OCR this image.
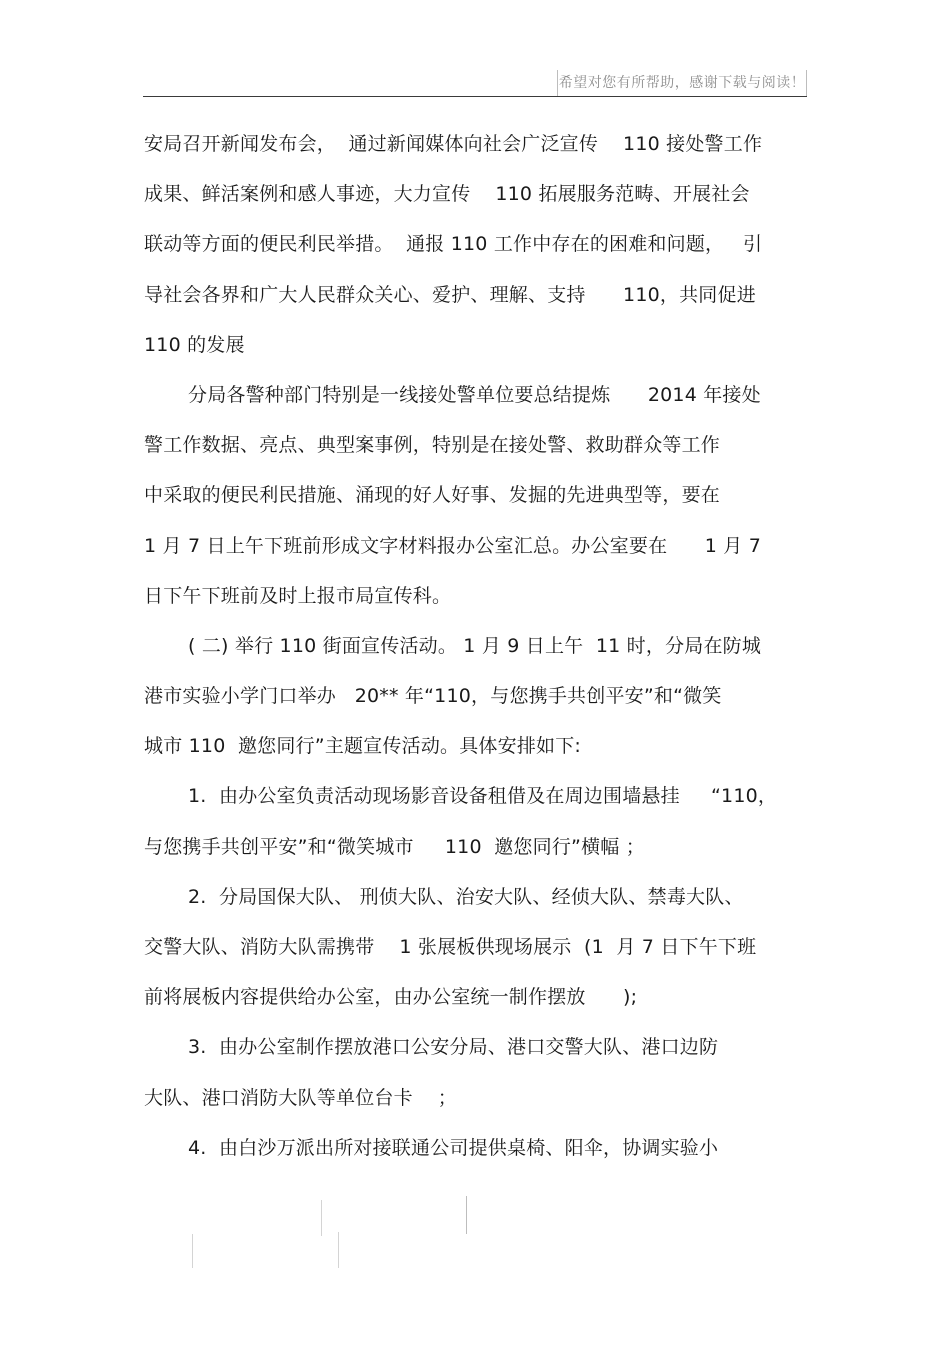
希望对您有所帮助，感谢下载与阅读！
安局召开新闻发布会，  通过新闻媒体向社会广泛宣传    110 接处警工作
成果、鲜活案例和感人事迹，大力宣传    110 拓展服务范畴、开展社会
联动等方面的便民利民举措。  通报 110 工作中存在的困难和问题，   引
导社会各界和广大人民群众关心、爱护、理解、支持      110，共同促进
110 的发展
分局各警种部门特别是一线接处警单位要总结提炼      2014 年接处
警工作数据、亮点、典型案事例，特别是在接处警、救助群众等工作
中采取的便民利民措施、涌现的好人好事、发掘的先进典型等，要在
1 月 7 日上午下班前形成文字材料报办公室汇总。办公室要在      1 月 7
日下午下班前及时上报市局宣传科。
( 二) 举行 110 街面宣传活动。 1 月 9 日上午  11 时，分局在防城
港市实验小学门口举办   20** 年“110，与您携手共创平安”和“微笑
城市 110  邀您同行”主题宣传活动。具体安排如下:
1.  由办公室负责活动现场影音设备租借及在周边围墙悬挂     “110，
与您携手共创平安”和“微笑城市     110  邀您同行”横幅 ；
2.  分局国保大队、 刑侦大队、治安大队、经侦大队、禁毒大队、
交警大队、消防大队需携带    1 张展板供现场展示  (1  月 7 日下午下班
前将展板内容提供给办公室，由办公室统一制作摆放      );
3.  由办公室制作摆放港口公安分局、港口交警大队、港口边防
大队、港口消防大队等单位台卡    ；
4.  由白沙万派出所对接联通公司提供桌椅、阳伞，协调实验小
